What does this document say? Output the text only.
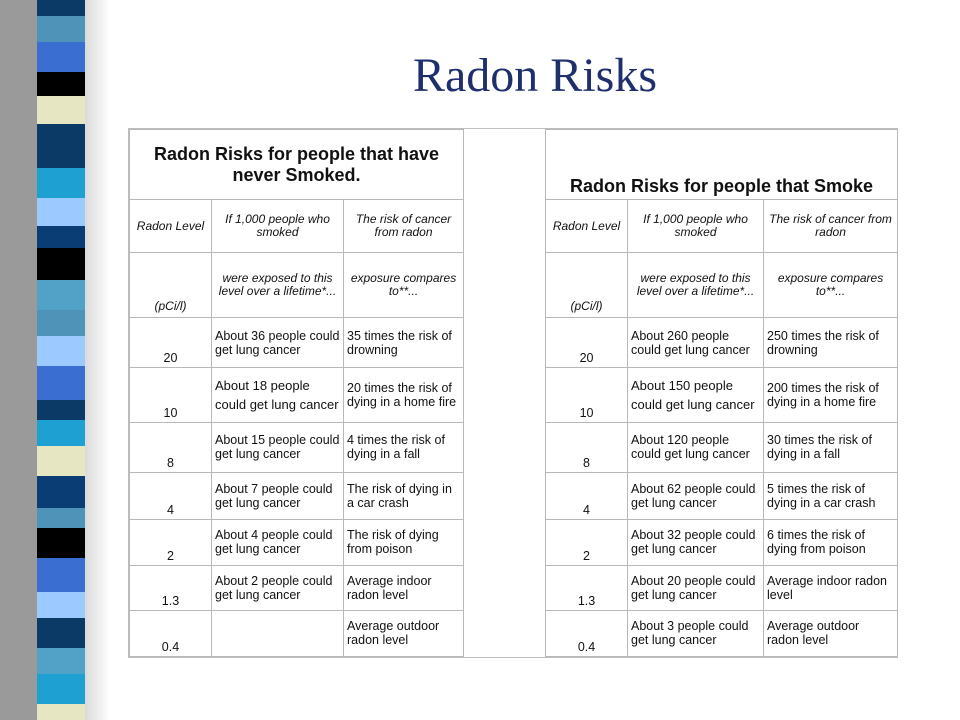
Radon Risks
Radon Risks for people that have never Smoked.				Radon Risks for people that Smoke		
Radon Level	If 1,000 people who smoked	The risk of cancer from radon		Radon Level	If 1,000 people who smoked	The risk of cancer from radon
(pCi/l)	were exposed to this level over a lifetime*...	exposure compares to**...		(pCi/l)	were exposed to this level over a lifetime*...	exposure compares to**...
20	About 36 people could get lung cancer	35 times the risk of drowning		20	About 260 people could get lung cancer	250 times the risk of drowning
10	About 18 people could get lung cancer	20 times the risk of dying in a home fire		10	About 150 people could get lung cancer	200 times the risk of dying in a home fire
8	About 15 people could get lung cancer	4 times the risk of dying in a fall		8	About 120 people could get lung cancer	30 times the risk of dying in a fall
4	About 7 people could get lung cancer	The risk of dying in a car crash		4	About 62 people could get lung cancer	5 times the risk of dying in a car crash
2	About 4 people could get lung cancer	The risk of dying from poison		2	About 32 people could get lung cancer	6 times the risk of dying from poison
1.3	About 2 people could get lung cancer	Average indoor radon level		1.3	About 20 people could get lung cancer	Average indoor radon level
0.4		Average outdoor radon level		0.4	About 3 people could get lung cancer	Average outdoor radon level
